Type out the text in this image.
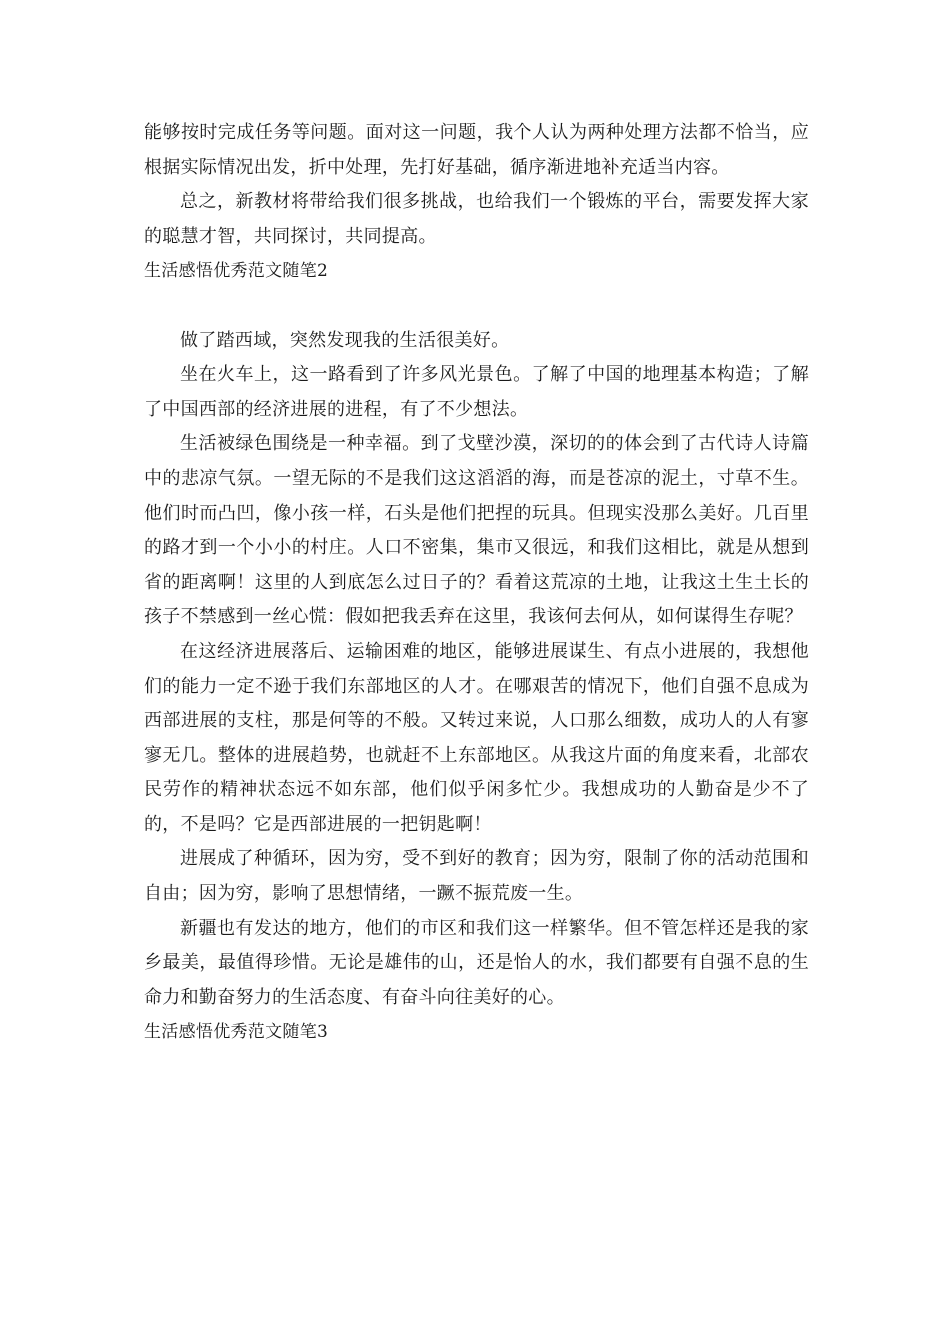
能够按时完成任务等问题。面对这一问题，我个人认为两种处理方法都不恰当，应根据实际情况出发，折中处理，先打好基础，循序渐进地补充适当内容。

总之，新教材将带给我们很多挑战，也给我们一个锻炼的平台，需要发挥大家的聪慧才智，共同探讨，共同提高。

生活感悟优秀范文随笔2

做了踏西域，突然发现我的生活很美好。

坐在火车上，这一路看到了许多风光景色。了解了中国的地理基本构造；了解了中国西部的经济进展的进程，有了不少想法。

生活被绿色围绕是一种幸福。到了戈壁沙漠，深切的的体会到了古代诗人诗篇中的悲凉气氛。一望无际的不是我们这这滔滔的海，而是苍凉的泥土，寸草不生。他们时而凸凹，像小孩一样，石头是他们把捏的玩具。但现实没那么美好。几百里的路才到一个小小的村庄。人口不密集，集市又很远，和我们这相比，就是从想到省的距离啊！这里的人到底怎么过日子的？看着这荒凉的土地，让我这土生土长的孩子不禁感到一丝心慌：假如把我丢弃在这里，我该何去何从，如何谋得生存呢？

在这经济进展落后、运输困难的地区，能够进展谋生、有点小进展的，我想他们的能力一定不逊于我们东部地区的人才。在哪艰苦的情况下，他们自强不息成为西部进展的支柱，那是何等的不般。又转过来说，人口那么细数，成功人的人有寥寥无几。整体的进展趋势，也就赶不上东部地区。从我这片面的角度来看，北部农民劳作的精神状态远不如东部，他们似乎闲多忙少。我想成功的人勤奋是少不了的，不是吗？它是西部进展的一把钥匙啊！

进展成了种循环，因为穷，受不到好的教育；因为穷，限制了你的活动范围和自由；因为穷，影响了思想情绪，一蹶不振荒废一生。

新疆也有发达的地方，他们的市区和我们这一样繁华。但不管怎样还是我的家乡最美，最值得珍惜。无论是雄伟的山，还是怡人的水，我们都要有自强不息的生命力和勤奋努力的生活态度、有奋斗向往美好的心。

生活感悟优秀范文随笔3
